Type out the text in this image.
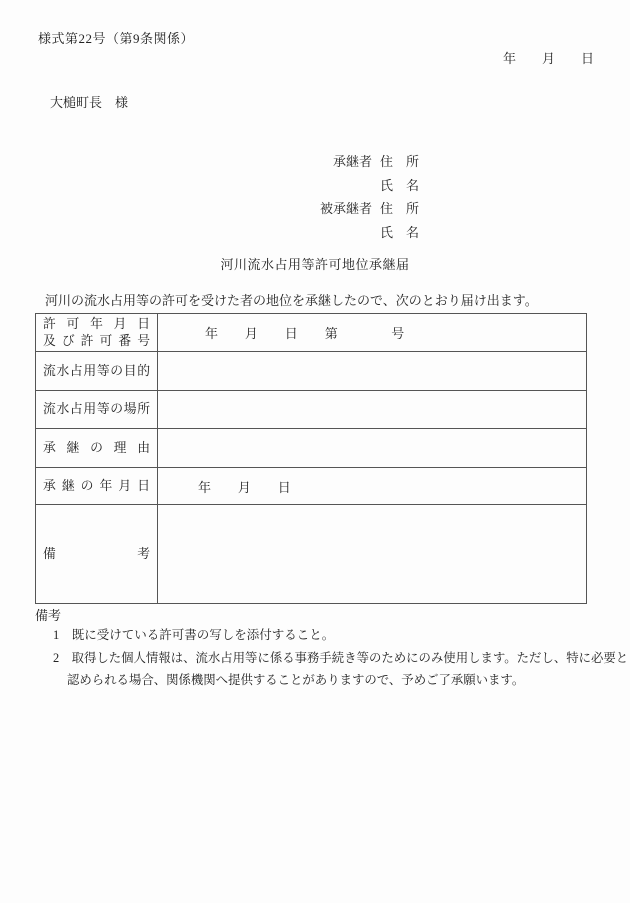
様式第22号（第9条関係）
年　　月　　日
大槌町長　様
承継者 住　所
氏　名
被承継者 住　所
氏　名
河川流水占用等許可地位承継届
　河川の流水占用等の許可を受けた者の地位を承継したので、次のとおり届け出ます。
許 可 年 月 日
及 び 許 可 番 号	年　　月　　日　　第　　　　号

流水占用等の目的	

流水占用等の場所	

承 継 の 理 由	

承 継 の 年 月 日	年　　月　　日

備 考	

備考
1　既に受けている許可書の写しを添付すること。
2　取得した個人情報は、流水占用等に係る事務手続き等のためにのみ使用します。ただし、特に必要と認められる場合、関係機関へ提供することがありますので、予めご了承願います。
